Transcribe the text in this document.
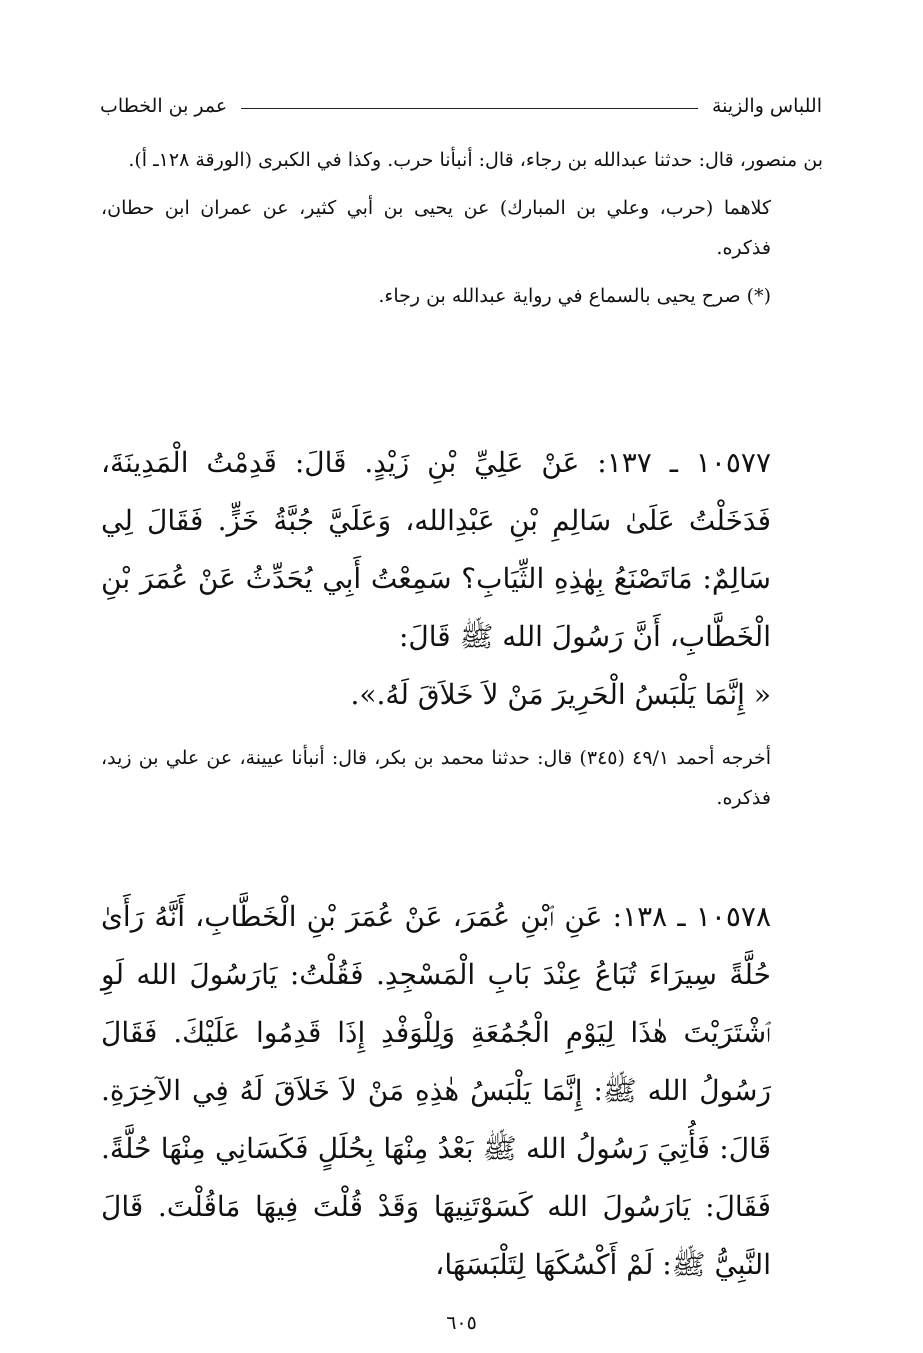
اللباس والزينة
عمر بن الخطاب

بن منصور، قال: حدثنا عبدالله بن رجاء، قال: أنبأنا حرب. وكذا في الكبرى (الورقة ١٢٨ـ أ).

كلاهما (حرب، وعلي بن المبارك) عن يحيى بن أبي كثير، عن عمران ابن حطان، فذكره.

(*) صرح يحيى بالسماع في رواية عبدالله بن رجاء.

١٠٥٧٧ ـ ١٣٧: عَنْ عَلِيِّ بْنِ زَيْدٍ. قَالَ: قَدِمْتُ الْمَدِينَةَ، فَدَخَلْتُ عَلَىٰ سَالِمِ بْنِ عَبْدِالله، وَعَلَيَّ جُبَّةُ خَزٍّ. فَقَالَ لِي سَالِمٌ: مَاتَصْنَعُ بِهٰذِهِ الثِّيَابِ؟ سَمِعْتُ أَبِي يُحَدِّثُ عَنْ عُمَرَ بْنِ الْخَطَّابِ، أَنَّ رَسُولَ الله ﷺ قَالَ:

« إِنَّمَا يَلْبَسُ الْحَرِيرَ مَنْ لاَ خَلاَقَ لَهُ.».

أخرجه أحمد ٤٩/١ (٣٤٥) قال: حدثنا محمد بن بكر، قال: أنبأنا عيينة، عن علي بن زيد، فذكره.

١٠٥٧٨ ـ ١٣٨: عَنِ ٱبْنِ عُمَرَ، عَنْ عُمَرَ بْنِ الْخَطَّابِ، أَنَّهُ رَأَىٰ حُلَّةً سِيرَاءَ تُبَاعُ عِنْدَ بَابِ الْمَسْجِدِ. فَقُلْتُ: يَارَسُولَ الله لَوِ ٱشْتَرَيْتَ هٰذَا لِيَوْمِ الْجُمُعَةِ وَلِلْوَفْدِ إِذَا قَدِمُوا عَلَيْكَ. فَقَالَ رَسُولُ الله ﷺ: إِنَّمَا يَلْبَسُ هٰذِهِ مَنْ لاَ خَلاَقَ لَهُ فِي الآخِرَةِ. قَالَ: فَأُتِيَ رَسُولُ الله ﷺ بَعْدُ مِنْهَا بِحُلَلٍ فَكَسَانِي مِنْهَا حُلَّةً. فَقَالَ: يَارَسُولَ الله كَسَوْتَنِيهَا وَقَدْ قُلْتَ فِيهَا مَاقُلْتَ. قَالَ النَّبِيُّ ﷺ: لَمْ أَكْسُكَهَا لِتَلْبَسَهَا،

٦٠٥
